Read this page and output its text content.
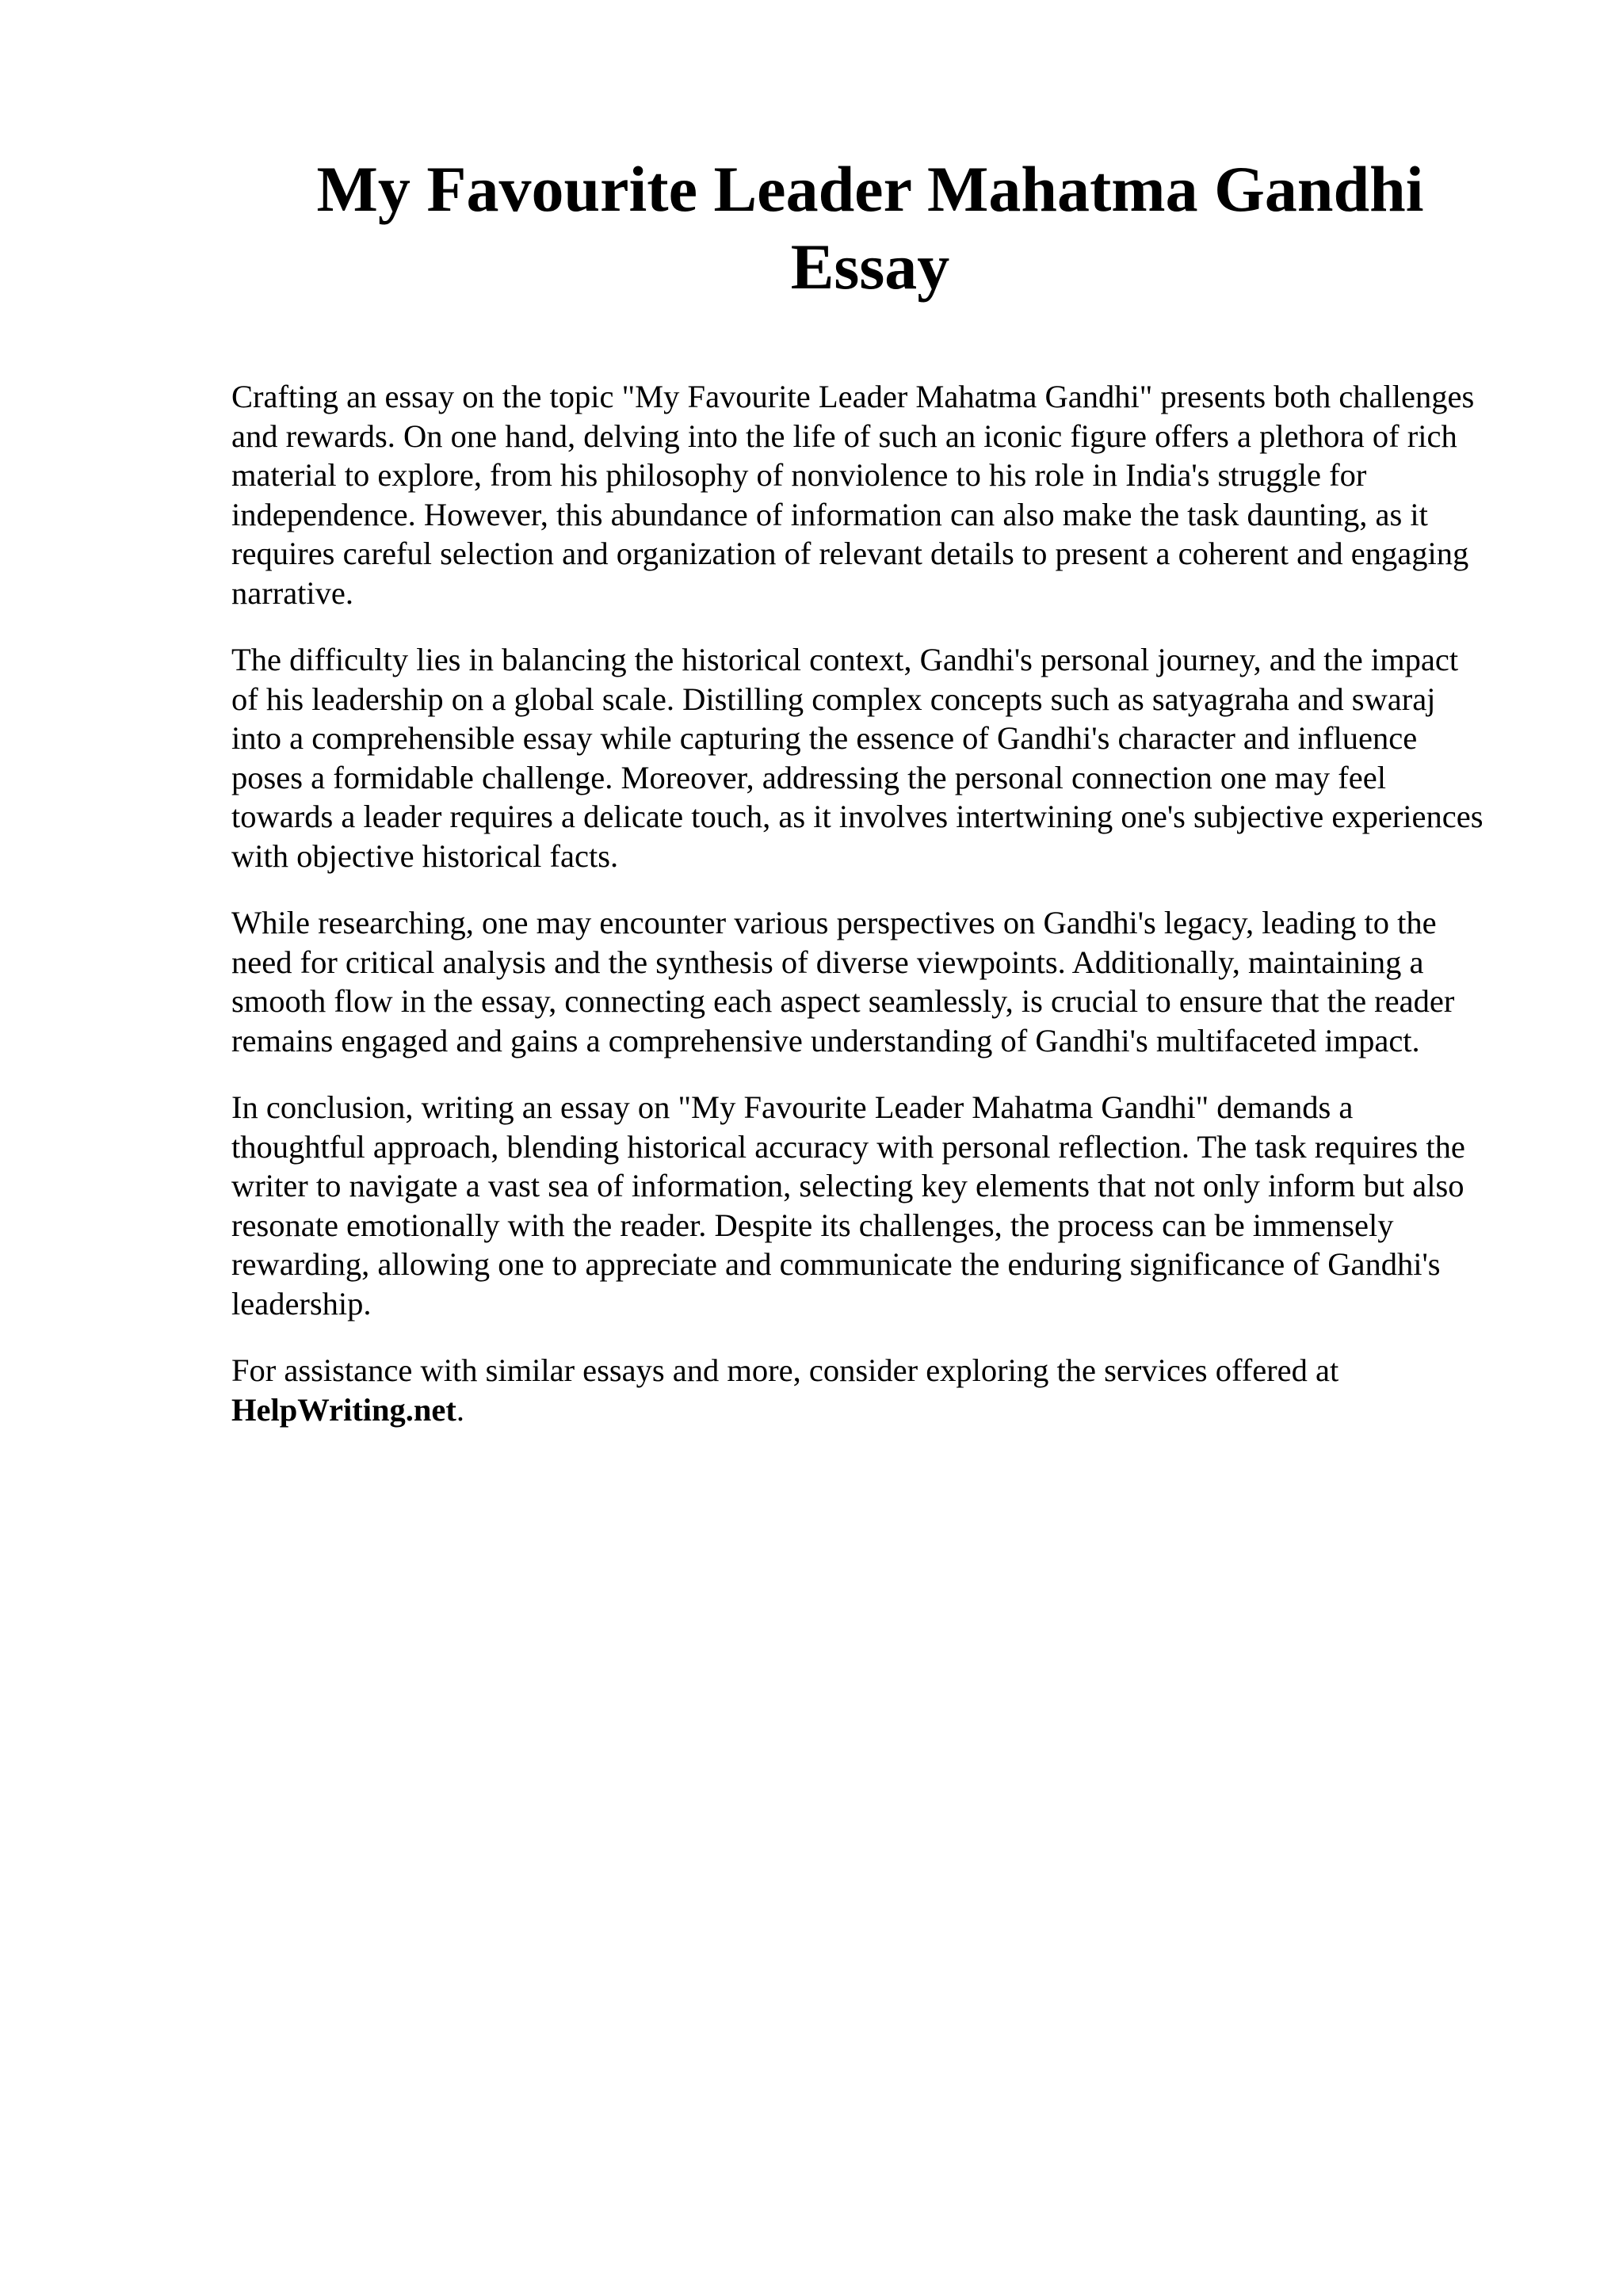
My Favourite Leader Mahatma Gandhi
Essay

Crafting an essay on the topic "My Favourite Leader Mahatma Gandhi" presents both challenges
and rewards. On one hand, delving into the life of such an iconic figure offers a plethora of rich
material to explore, from his philosophy of nonviolence to his role in India's struggle for
independence. However, this abundance of information can also make the task daunting, as it
requires careful selection and organization of relevant details to present a coherent and engaging
narrative.

The difficulty lies in balancing the historical context, Gandhi's personal journey, and the impact
of his leadership on a global scale. Distilling complex concepts such as satyagraha and swaraj
into a comprehensible essay while capturing the essence of Gandhi's character and influence
poses a formidable challenge. Moreover, addressing the personal connection one may feel
towards a leader requires a delicate touch, as it involves intertwining one's subjective experiences
with objective historical facts.

While researching, one may encounter various perspectives on Gandhi's legacy, leading to the
need for critical analysis and the synthesis of diverse viewpoints. Additionally, maintaining a
smooth flow in the essay, connecting each aspect seamlessly, is crucial to ensure that the reader
remains engaged and gains a comprehensive understanding of Gandhi's multifaceted impact.

In conclusion, writing an essay on "My Favourite Leader Mahatma Gandhi" demands a
thoughtful approach, blending historical accuracy with personal reflection. The task requires the
writer to navigate a vast sea of information, selecting key elements that not only inform but also
resonate emotionally with the reader. Despite its challenges, the process can be immensely
rewarding, allowing one to appreciate and communicate the enduring significance of Gandhi's
leadership.

For assistance with similar essays and more, consider exploring the services offered at
HelpWriting.net.
